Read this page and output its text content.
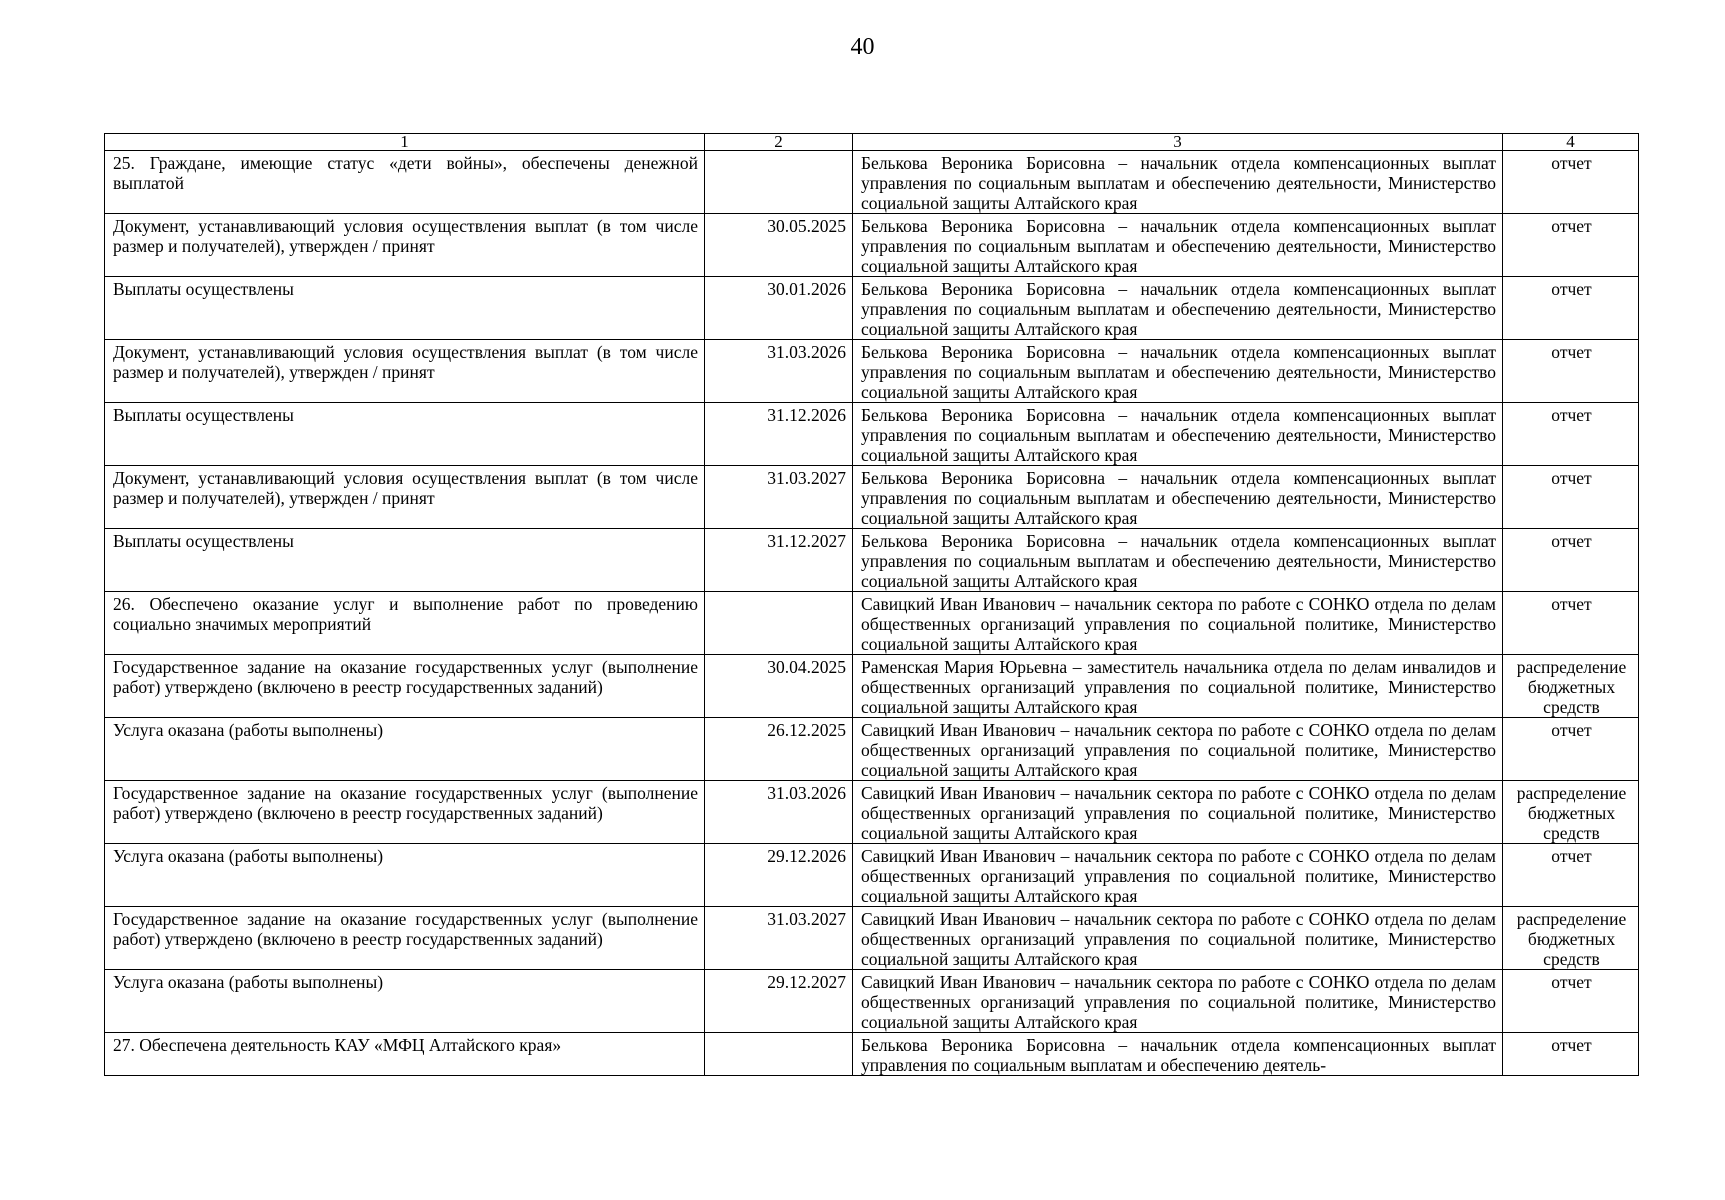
40
1	2	3	4
25. Граждане, имеющие статус «дети войны», обеспечены денежной выплатой		Белькова Вероника Борисовна – начальник отдела компенсационных выплат управления по социальным выплатам и обеспечению деятельности, Министерство социальной защиты Алтайского края	отчет
Документ, устанавливающий условия осуществления выплат (в том числе размер и получателей), утвержден / принят	30.05.2025	Белькова Вероника Борисовна – начальник отдела компенсационных выплат управления по социальным выплатам и обеспечению деятельности, Министерство социальной защиты Алтайского края	отчет
Выплаты осуществлены	30.01.2026	Белькова Вероника Борисовна – начальник отдела компенсационных выплат управления по социальным выплатам и обеспечению деятельности, Министерство социальной защиты Алтайского края	отчет
Документ, устанавливающий условия осуществления выплат (в том числе размер и получателей), утвержден / принят	31.03.2026	Белькова Вероника Борисовна – начальник отдела компенсационных выплат управления по социальным выплатам и обеспечению деятельности, Министерство социальной защиты Алтайского края	отчет
Выплаты осуществлены	31.12.2026	Белькова Вероника Борисовна – начальник отдела компенсационных выплат управления по социальным выплатам и обеспечению деятельности, Министерство социальной защиты Алтайского края	отчет
Документ, устанавливающий условия осуществления выплат (в том числе размер и получателей), утвержден / принят	31.03.2027	Белькова Вероника Борисовна – начальник отдела компенсационных выплат управления по социальным выплатам и обеспечению деятельности, Министерство социальной защиты Алтайского края	отчет
Выплаты осуществлены	31.12.2027	Белькова Вероника Борисовна – начальник отдела компенсационных выплат управления по социальным выплатам и обеспечению деятельности, Министерство социальной защиты Алтайского края	отчет
26. Обеспечено оказание услуг и выполнение работ по проведению социально значимых мероприятий		Савицкий Иван Иванович – начальник сектора по работе с СОНКО отдела по делам общественных организаций управления по социальной политике, Министерство социальной защиты Алтайского края	отчет
Государственное задание на оказание государственных услуг (выполнение работ) утверждено (включено в реестр государственных заданий)	30.04.2025	Раменская Мария Юрьевна – заместитель начальника отдела по делам инвалидов и общественных организаций управления по социальной политике, Министерство социальной защиты Алтайского края	распределение бюджетных средств
Услуга оказана (работы выполнены)	26.12.2025	Савицкий Иван Иванович – начальник сектора по работе с СОНКО отдела по делам общественных организаций управления по социальной политике, Министерство социальной защиты Алтайского края	отчет
Государственное задание на оказание государственных услуг (выполнение работ) утверждено (включено в реестр государственных заданий)	31.03.2026	Савицкий Иван Иванович – начальник сектора по работе с СОНКО отдела по делам общественных организаций управления по социальной политике, Министерство социальной защиты Алтайского края	распределение бюджетных средств
Услуга оказана (работы выполнены)	29.12.2026	Савицкий Иван Иванович – начальник сектора по работе с СОНКО отдела по делам общественных организаций управления по социальной политике, Министерство социальной защиты Алтайского края	отчет
Государственное задание на оказание государственных услуг (выполнение работ) утверждено (включено в реестр государственных заданий)	31.03.2027	Савицкий Иван Иванович – начальник сектора по работе с СОНКО отдела по делам общественных организаций управления по социальной политике, Министерство социальной защиты Алтайского края	распределение бюджетных средств
Услуга оказана (работы выполнены)	29.12.2027	Савицкий Иван Иванович – начальник сектора по работе с СОНКО отдела по делам общественных организаций управления по социальной политике, Министерство социальной защиты Алтайского края	отчет
27. Обеспечена деятельность КАУ «МФЦ Алтайского края»		Белькова Вероника Борисовна – начальник отдела компенсационных выплат управления по социальным выплатам и обеспечению деятель-	отчет
